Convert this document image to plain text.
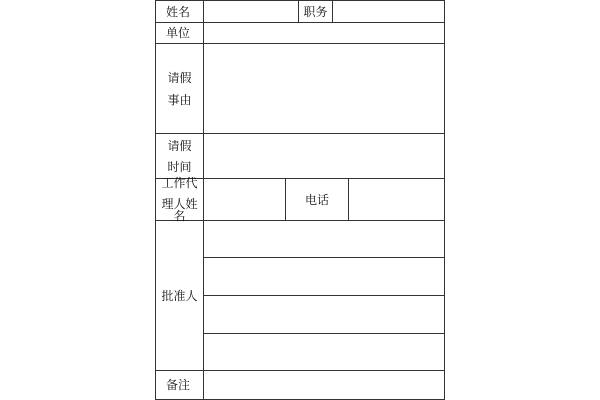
姓名	职务
单位
请假
事由
请假
时间
工作代
理人姓名
电话
批准人
备注
